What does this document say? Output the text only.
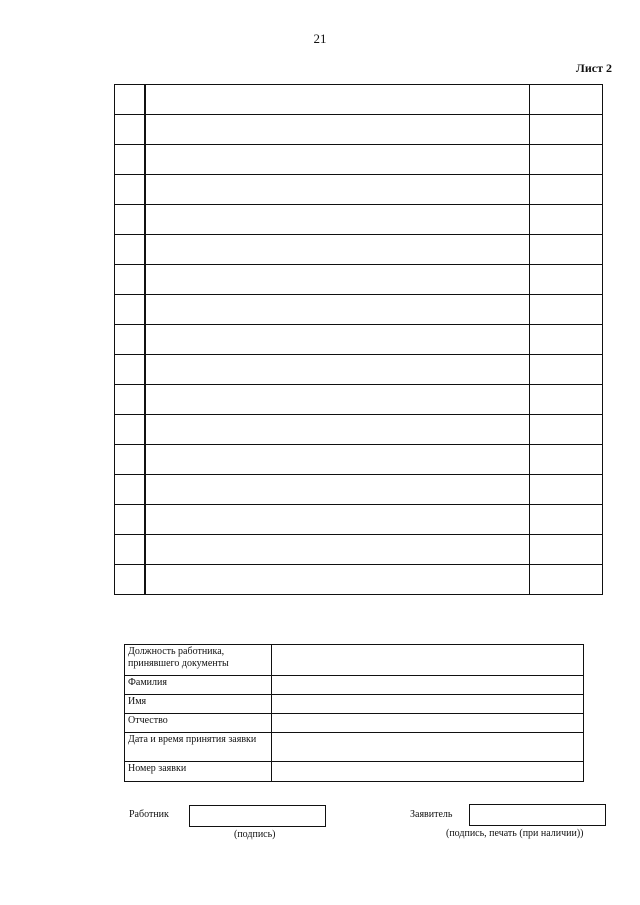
21
Лист 2

Должность работника, принявшего документы	
Фамилия	
Имя	
Отчество	
Дата и время принятия заявки	
Номер заявки	
Работник
(подпись)
Заявитель
(подпись, печать (при наличии))
